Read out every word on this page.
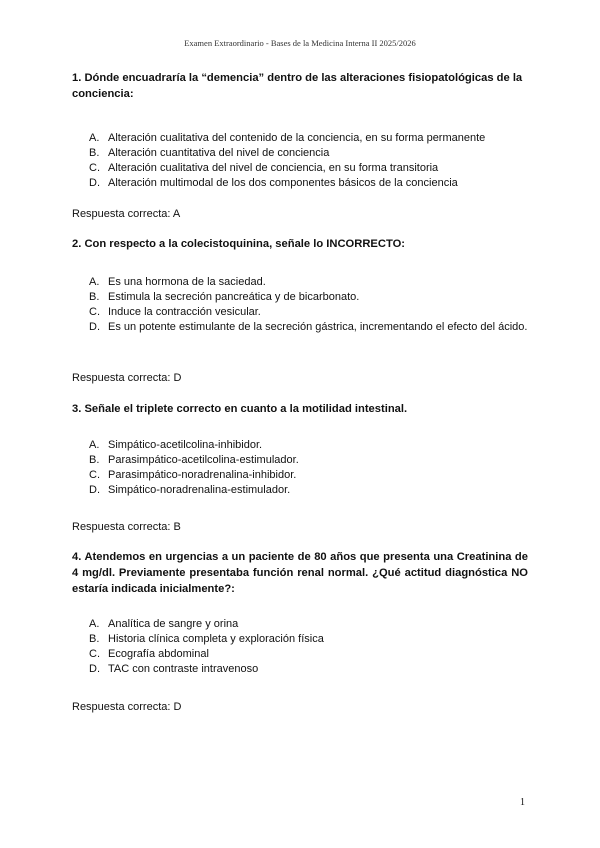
Examen Extraordinario - Bases de la Medicina Interna II 2025/2026

1. Dónde encuadraría la “demencia” dentro de las alteraciones fisiopatológicas de la conciencia:

A. Alteración cualitativa del contenido de la conciencia, en su forma permanente
B. Alteración cuantitativa del nivel de conciencia
C. Alteración cualitativa del nivel de conciencia, en su forma transitoria
D. Alteración multimodal de los dos componentes básicos de la conciencia

Respuesta correcta: A

2. Con respecto a la colecistoquinina, señale lo INCORRECTO:

A. Es una hormona de la saciedad.
B. Estimula la secreción pancreática y de bicarbonato.
C. Induce la contracción vesicular.
D. Es un potente estimulante de la secreción gástrica, incrementando el efecto del ácido.

Respuesta correcta: D

3. Señale el triplete correcto en cuanto a la motilidad intestinal.

A. Simpático-acetilcolina-inhibidor.
B. Parasimpático-acetilcolina-estimulador.
C. Parasimpático-noradrenalina-inhibidor.
D. Simpático-noradrenalina-estimulador.

Respuesta correcta: B

4. Atendemos en urgencias a un paciente de 80 años que presenta una Creatinina de 4 mg/dl. Previamente presentaba función renal normal. ¿Qué actitud diagnóstica NO estaría indicada inicialmente?:

A. Analítica de sangre y orina
B. Historia clínica completa y exploración física
C. Ecografía abdominal
D. TAC con contraste intravenoso

Respuesta correcta: D

1
